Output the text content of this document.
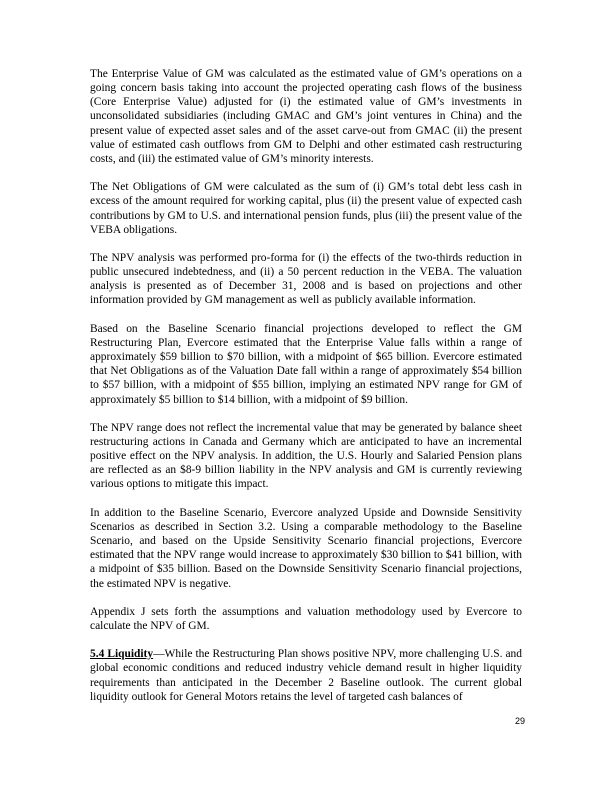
The Enterprise Value of GM was calculated as the estimated value of GM’s operations on a going concern basis taking into account the projected operating cash flows of the business (Core Enterprise Value) adjusted for (i) the estimated value of GM’s investments in unconsolidated subsidiaries (including GMAC and GM’s joint ventures in China) and the present value of expected asset sales and of the asset carve-out from GMAC (ii) the present value of estimated cash outflows from GM to Delphi and other estimated cash restructuring costs, and (iii) the estimated value of GM’s minority interests.

The Net Obligations of GM were calculated as the sum of (i) GM’s total debt less cash in excess of the amount required for working capital, plus (ii) the present value of expected cash contributions by GM to U.S. and international pension funds, plus (iii) the present value of the VEBA obligations.

The NPV analysis was performed pro-forma for (i) the effects of the two-thirds reduction in public unsecured indebtedness, and (ii) a 50 percent reduction in the VEBA. The valuation analysis is presented as of December 31, 2008 and is based on projections and other information provided by GM management as well as publicly available information.

Based on the Baseline Scenario financial projections developed to reflect the GM Restructuring Plan, Evercore estimated that the Enterprise Value falls within a range of approximately $59 billion to $70 billion, with a midpoint of $65 billion. Evercore estimated that Net Obligations as of the Valuation Date fall within a range of approximately $54 billion to $57 billion, with a midpoint of $55 billion, implying an estimated NPV range for GM of approximately $5 billion to $14 billion, with a midpoint of $9 billion.

The NPV range does not reflect the incremental value that may be generated by balance sheet restructuring actions in Canada and Germany which are anticipated to have an incremental positive effect on the NPV analysis. In addition, the U.S. Hourly and Salaried Pension plans are reflected as an $8-9 billion liability in the NPV analysis and GM is currently reviewing various options to mitigate this impact.

In addition to the Baseline Scenario, Evercore analyzed Upside and Downside Sensitivity Scenarios as described in Section 3.2. Using a comparable methodology to the Baseline Scenario, and based on the Upside Sensitivity Scenario financial projections, Evercore estimated that the NPV range would increase to approximately $30 billion to $41 billion, with a midpoint of $35 billion. Based on the Downside Sensitivity Scenario financial projections, the estimated NPV is negative.

Appendix J sets forth the assumptions and valuation methodology used by Evercore to calculate the NPV of GM.

5.4 Liquidity—While the Restructuring Plan shows positive NPV, more challenging U.S. and global economic conditions and reduced industry vehicle demand result in higher liquidity requirements than anticipated in the December 2 Baseline outlook. The current global liquidity outlook for General Motors retains the level of targeted cash balances of

29
